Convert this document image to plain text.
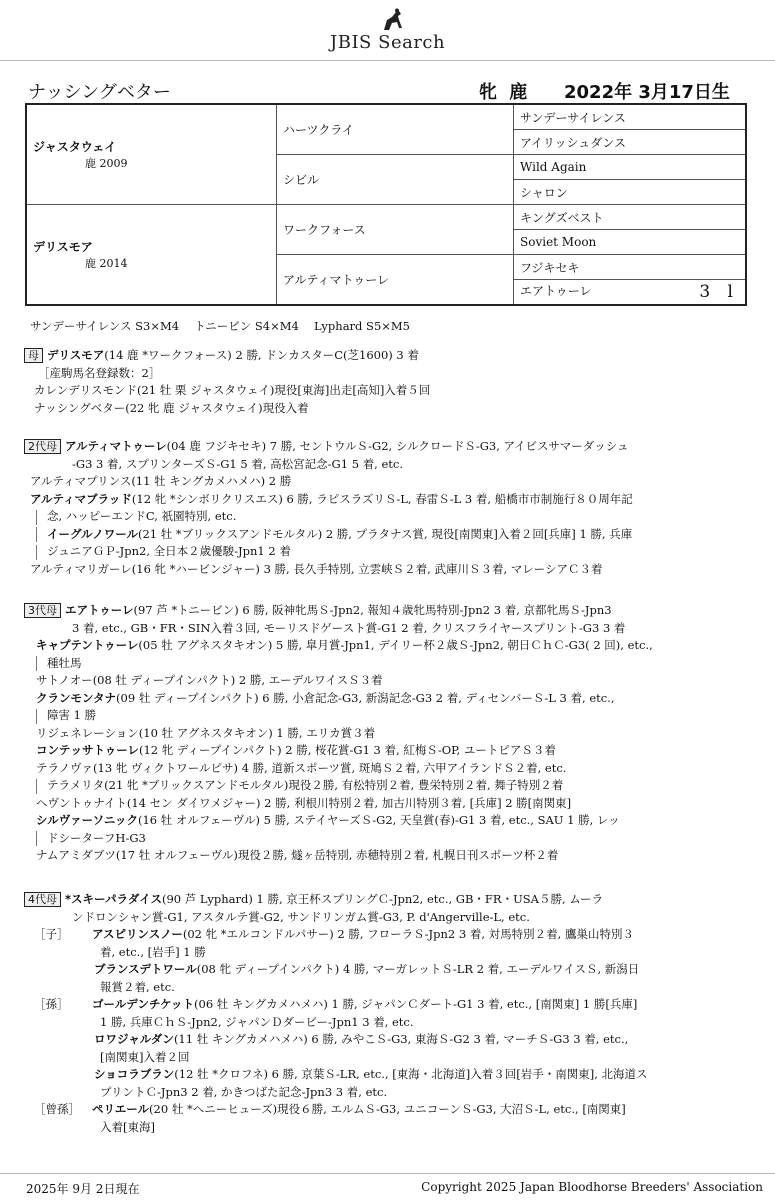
JBIS Search
ナッシングベター	牝 鹿 2022年 3月17日生
ジャスタウェイ
鹿 2009	ハーツクライ	サンデーサイレンス
		アイリッシュダンス
	シビル	Wild Again
		シャロン

デリスモア
鹿 2014	ワークフォース	キングズベスト
		Soviet Moon
	アルティマトゥーレ	フジキセキ
		エアトゥーレ 3 l
サンデーサイレンス S3×M4　 トニービン S4×M4　 Lyphard S5×M5
母 デリスモア(14 鹿 *ワークフォース) 2 勝, ドンカスターC(芝1600) 3 着
［産駒馬名登録数：2］
カレンデリスモンド(21 牡 栗 ジャスタウェイ)現役[東海]出走[高知]入着５回
ナッシングベター(22 牝 鹿 ジャスタウェイ)現役入着
2代母 アルティマトゥーレ(04 鹿 フジキセキ) 7 勝, セントウルＳ-G2, シルクロードＳ-G3, アイビスサマーダッシュ
-G3 3 着, スプリンターズＳ-G1 5 着, 高松宮記念-G1 5 着, etc.
アルティマプリンス(11 牡 キングカメハメハ) 2 勝
アルティマブラッド(12 牝 *シンボリクリスエス) 6 勝, ラピスラズリＳ-L, 春雷Ｓ-L 3 着, 船橋市市制施行８０周年記
念, ハッピーエンドC, 祇園特別, etc.
イーグルノワール(21 牡 *ブリックスアンドモルタル) 2 勝, プラタナス賞, 現役[南関東]入着２回[兵庫] 1 勝, 兵庫
ジュニアＧＰ-Jpn2, 全日本２歳優駿-Jpn1 2 着
アルティマリガーレ(16 牝 *ハービンジャー) 3 勝, 長久手特別, 立雲峡Ｓ２着, 武庫川Ｓ３着, マレーシアＣ３着
3代母 エアトゥーレ(97 芦 *トニービン) 6 勝, 阪神牝馬Ｓ-Jpn2, 報知４歳牝馬特別-Jpn2 3 着, 京都牝馬Ｓ-Jpn3
3 着, etc., GB・FR・SIN入着３回, モーリスドゲースト賞-G1 2 着, クリスフライヤースプリント-G3 3 着
キャプテントゥーレ(05 牡 アグネスタキオン) 5 勝, 皐月賞-Jpn1, デイリー杯２歳Ｓ-Jpn2, 朝日ＣｈＣ-G3( 2 回), etc.,
種牡馬
サトノオー(08 牡 ディープインパクト) 2 勝, エーデルワイスＳ３着
クランモンタナ(09 牡 ディープインパクト) 6 勝, 小倉記念-G3, 新潟記念-G3 2 着, ディセンバーＳ-L 3 着, etc.,
障害 1 勝
リジェネレーション(10 牡 アグネスタキオン) 1 勝, エリカ賞３着
コンテッサトゥーレ(12 牝 ディープインパクト) 2 勝, 桜花賞-G1 3 着, 紅梅Ｓ-OP, ユートピアＳ３着
テラノヴァ(13 牝 ヴィクトワールピサ) 4 勝, 道新スポーツ賞, 斑鳩Ｓ２着, 六甲アイランドＳ２着, etc.
テラメリタ(21 牝 *ブリックスアンドモルタル)現役２勝, 有松特別２着, 豊栄特別２着, 舞子特別２着
ヘヴントゥナイト(14 セン ダイワメジャー) 2 勝, 利根川特別２着, 加古川特別３着, [兵庫] 2 勝[南関東]
シルヴァーソニック(16 牡 オルフェーヴル) 5 勝, ステイヤーズＳ-G2, 天皇賞(春)-G1 3 着, etc., SAU 1 勝, レッ
ドシーターフH-G3
ナムアミダブツ(17 牡 オルフェーヴル)現役２勝, 燧ヶ岳特別, 赤穂特別２着, 札幌日刊スポーツ杯２着
4代母 *スキーパラダイス(90 芦 Lyphard) 1 勝, 京王杯スプリングＣ-Jpn2, etc., GB・FR・USA５勝, ムーラ
ンドロンシャン賞-G1, アスタルテ賞-G2, サンドリンガム賞-G3, P. d'Angerville-L, etc.
［子］ アスピリンスノー(02 牝 *エルコンドルパサー) 2 勝, フローラＳ-Jpn2 3 着, 対馬特別２着, 鷹巣山特別３
着, etc., [岩手] 1 勝
ブランスデトワール(08 牝 ディープインパクト) 4 勝, マーガレットＳ-LR 2 着, エーデルワイスＳ, 新潟日
報賞２着, etc.
［孫］ ゴールデンチケット(06 牡 キングカメハメハ) 1 勝, ジャパンＣダート-G1 3 着, etc., [南関東] 1 勝[兵庫]
1 勝, 兵庫ＣｈＳ-Jpn2, ジャパンＤダービー-Jpn1 3 着, etc.
ロワジャルダン(11 牡 キングカメハメハ) 6 勝, みやこＳ-G3, 東海Ｓ-G2 3 着, マーチＳ-G3 3 着, etc.,
[南関東]入着２回
ショコラブラン(12 牡 *クロフネ) 6 勝, 京葉Ｓ-LR, etc., [東海・北海道]入着３回[岩手・南関東], 北海道ス
プリントＣ-Jpn3 2 着, かきつばた記念-Jpn3 3 着, etc.
［曾孫］ ペリエール(20 牡 *ヘニーヒューズ)現役６勝, エルムＳ-G3, ユニコーンＳ-G3, 大沼Ｓ-L, etc., [南関東]
入着[東海]
2025年 9月 2日現在	Copyright 2025 Japan Bloodhorse Breeders' Association
